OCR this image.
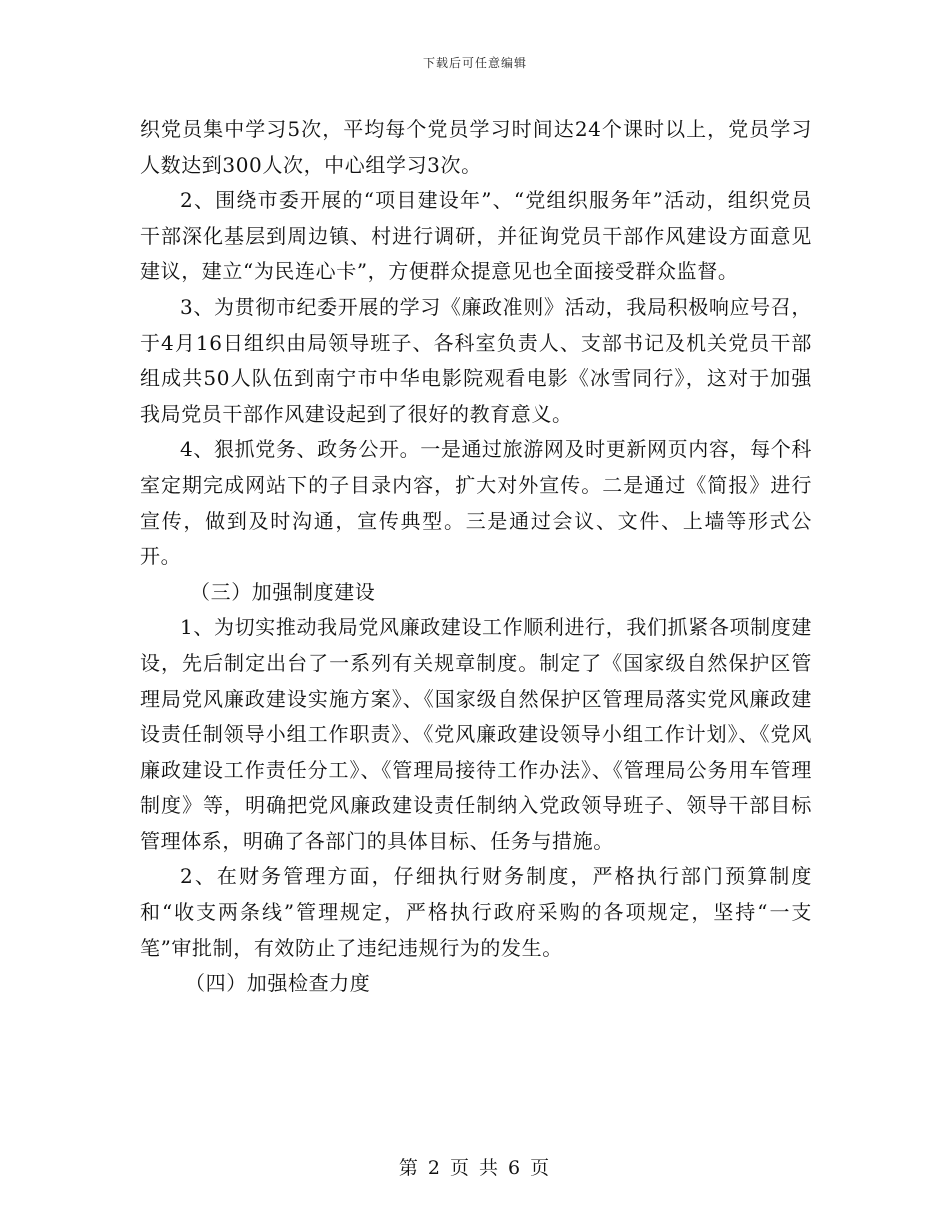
下载后可任意编辑

织党员集中学习5次，平均每个党员学习时间达24个课时以上，党员学习人数达到300人次，中心组学习3次。

2、围绕市委开展的“项目建设年”、“党组织服务年”活动，组织党员干部深化基层到周边镇、村进行调研，并征询党员干部作风建设方面意见建议，建立“为民连心卡”，方便群众提意见也全面接受群众监督。

3、为贯彻市纪委开展的学习《廉政准则》活动，我局积极响应号召，于4月16日组织由局领导班子、各科室负责人、支部书记及机关党员干部组成共50人队伍到南宁市中华电影院观看电影《冰雪同行》，这对于加强我局党员干部作风建设起到了很好的教育意义。

4、狠抓党务、政务公开。一是通过旅游网及时更新网页内容，每个科室定期完成网站下的子目录内容，扩大对外宣传。二是通过《简报》进行宣传，做到及时沟通，宣传典型。三是通过会议、文件、上墙等形式公开。

（三）加强制度建设

1、为切实推动我局党风廉政建设工作顺利进行，我们抓紧各项制度建设，先后制定出台了一系列有关规章制度。制定了《国家级自然保护区管理局党风廉政建设实施方案》、《国家级自然保护区管理局落实党风廉政建设责任制领导小组工作职责》、《党风廉政建设领导小组工作计划》、《党风廉政建设工作责任分工》、《管理局接待工作办法》、《管理局公务用车管理制度》等，明确把党风廉政建设责任制纳入党政领导班子、领导干部目标管理体系，明确了各部门的具体目标、任务与措施。

2、在财务管理方面，仔细执行财务制度，严格执行部门预算制度和“收支两条线”管理规定，严格执行政府采购的各项规定，坚持“一支笔”审批制，有效防止了违纪违规行为的发生。

（四）加强检查力度

第 2 页 共 6 页
